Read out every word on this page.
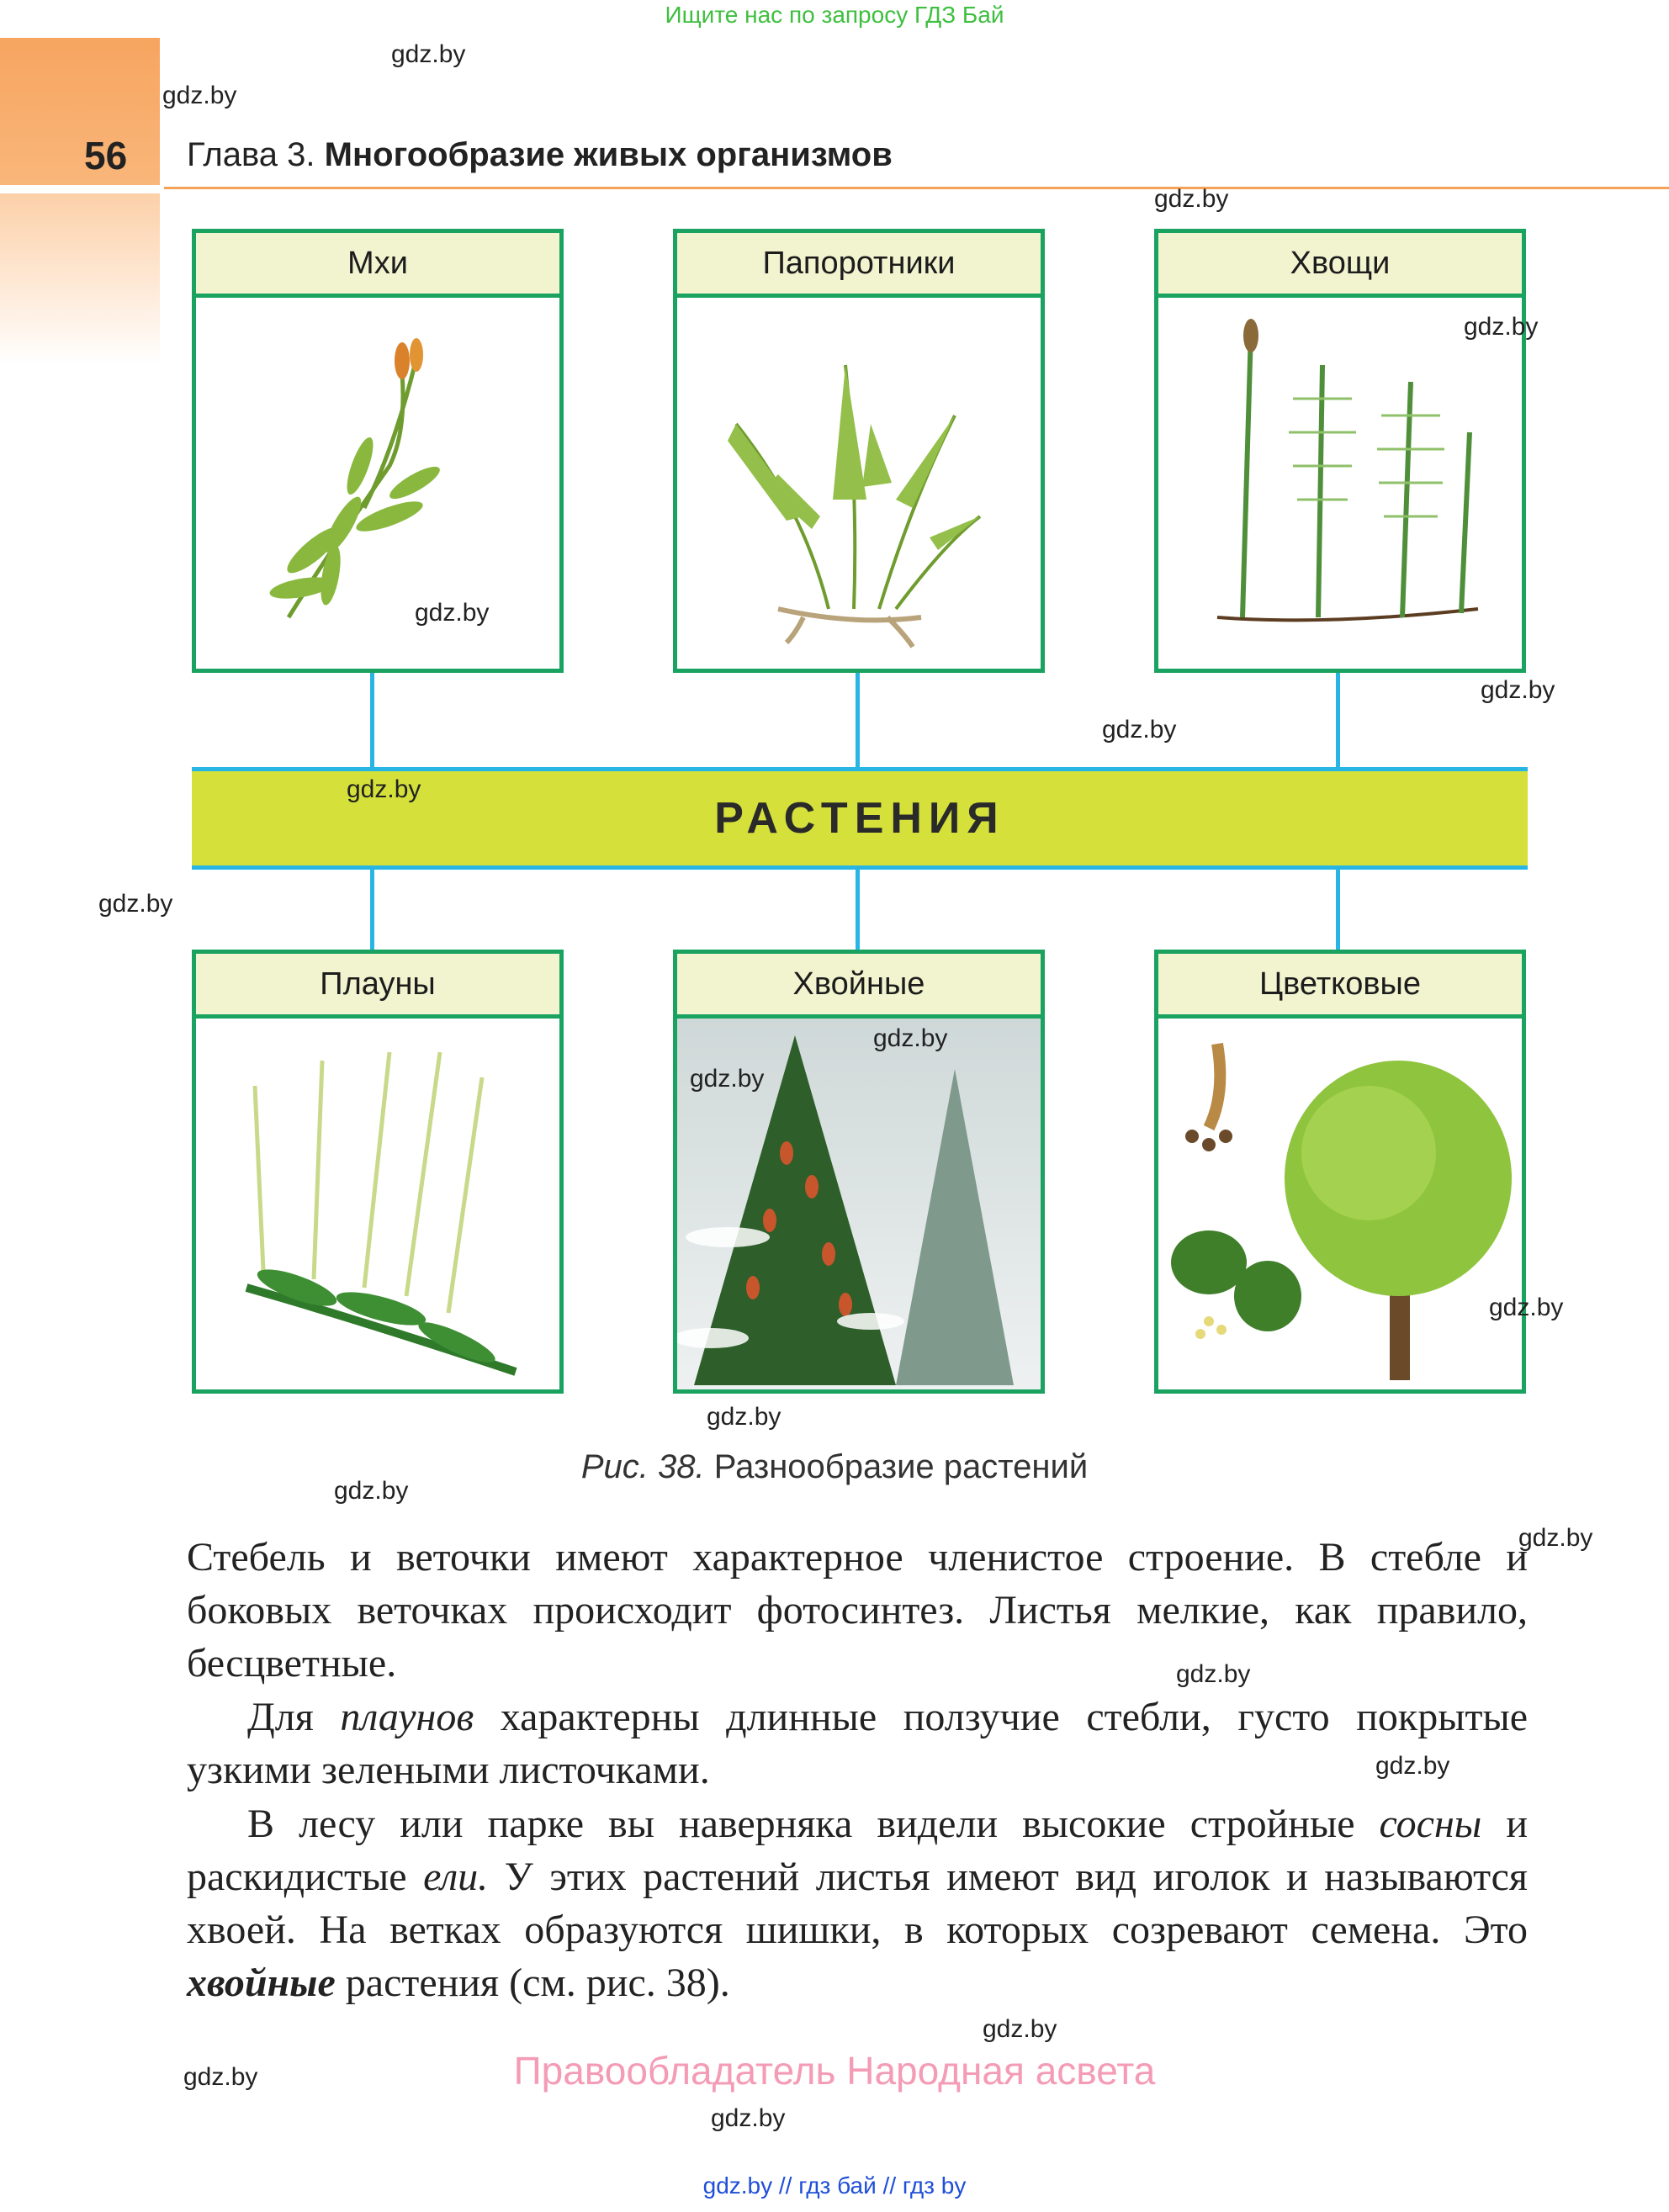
Ищите нас по запросу ГДЗ Бай
56 Глава 3. Многообразие живых организмов
РАСТЕНИЯ
Мхи	Папоротники	Хвощи
Плауны	Хвойные	Цветковые
gdz.by
gdz.by
gdz.by
gdz.by
gdz.by
gdz.by
gdz.by
gdz.by
gdz.by
gdz.by
gdz.by
gdz.by
gdz.by
gdz.by
gdz.by
gdz.by
gdz.by
gdz.by
gdz.by
gdz.by
Рис. 38. Разнообразие растений
Стебель и веточки имеют характерное членистое строение. В стебле и боковых веточках происходит фотосинтез. Листья мелкие, как правило, бесцветные.
Для плаунов характерны длинные ползучие стебли, густо покрытые узкими зелеными листочками.
В лесу или парке вы наверняка видели высокие стройные сосны и раскидистые ели. У этих растений листья имеют вид иголок и называются хвоей. На ветках образуются шишки, в которых созревают семена. Это хвойные растения (см. рис. 38).
Правообладатель Народная асвета
gdz.by // гдз бай // гдз by
